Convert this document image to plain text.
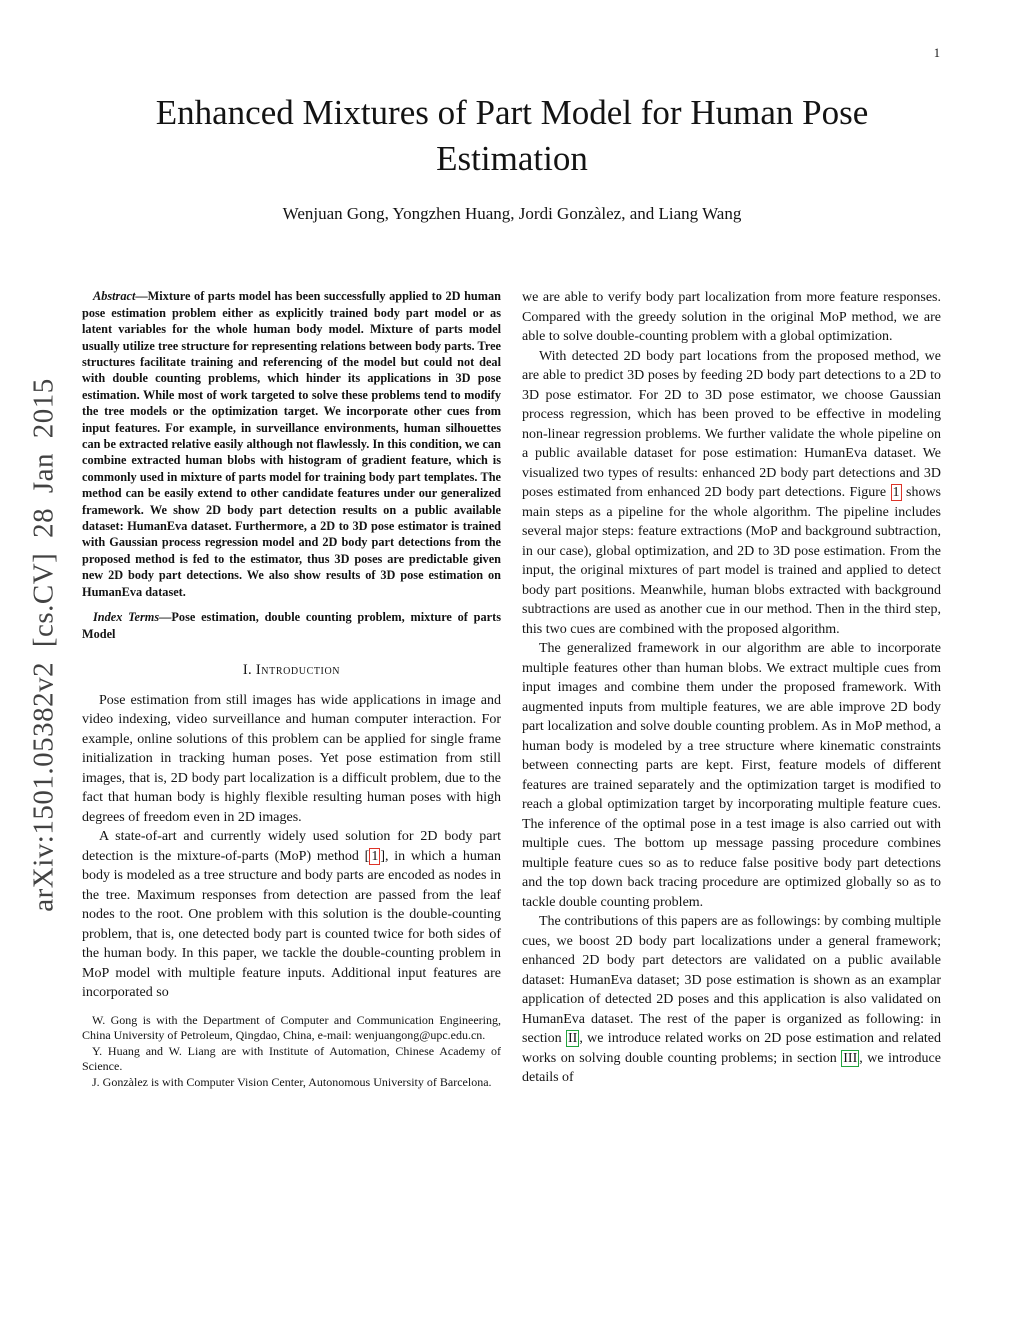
1
arXiv:1501.05382v2 [cs.CV] 28 Jan 2015
Enhanced Mixtures of Part Model for Human Pose Estimation
Wenjuan Gong, Yongzhen Huang, Jordi Gonzàlez, and Liang Wang

Abstract—Mixture of parts model has been successfully applied to 2D human pose estimation problem either as explicitly trained body part model or as latent variables for the whole human body model. Mixture of parts model usually utilize tree structure for representing relations between body parts. Tree structures facilitate training and referencing of the model but could not deal with double counting problems, which hinder its applications in 3D pose estimation. While most of work targeted to solve these problems tend to modify the tree models or the optimization target. We incorporate other cues from input features. For example, in surveillance environments, human silhouettes can be extracted relative easily although not flawlessly. In this condition, we can combine extracted human blobs with histogram of gradient feature, which is commonly used in mixture of parts model for training body part templates. The method can be easily extend to other candidate features under our generalized framework. We show 2D body part detection results on a public available dataset: HumanEva dataset. Furthermore, a 2D to 3D pose estimator is trained with Gaussian process regression model and 2D body part detections from the proposed method is fed to the estimator, thus 3D poses are predictable given new 2D body part detections. We also show results of 3D pose estimation on HumanEva dataset.

Index Terms—Pose estimation, double counting problem, mixture of parts Model

I. Introduction

Pose estimation from still images has wide applications in image and video indexing, video surveillance and human computer interaction. For example, online solutions of this problem can be applied for single frame initialization in tracking human poses. Yet pose estimation from still images, that is, 2D body part localization is a difficult problem, due to the fact that human body is highly flexible resulting human poses with high degrees of freedom even in 2D images.

A state-of-art and currently widely used solution for 2D body part detection is the mixture-of-parts (MoP) method [ 1 ], in which a human body is modeled as a tree structure and body parts are encoded as nodes in the tree. Maximum responses from detection are passed from the leaf nodes to the root. One problem with this solution is the double-counting problem, that is, one detected body part is counted twice for both sides of the human body. In this paper, we tackle the double-counting problem in MoP model with multiple feature inputs. Additional input features are incorporated so

W. Gong is with the Department of Computer and Communication Engineering, China University of Petroleum, Qingdao, China, e-mail: wenjuangong@upc.edu.cn.

Y. Huang and W. Liang are with Institute of Automation, Chinese Academy of Science.

J. Gonzàlez is with Computer Vision Center, Autonomous University of Barcelona.

we are able to verify body part localization from more feature responses. Compared with the greedy solution in the original MoP method, we are able to solve double-counting problem with a global optimization.

With detected 2D body part locations from the proposed method, we are able to predict 3D poses by feeding 2D body part detections to a 2D to 3D pose estimator. For 2D to 3D pose estimator, we choose Gaussian process regression, which has been proved to be effective in modeling non-linear regression problems. We further validate the whole pipeline on a public available dataset for pose estimation: HumanEva dataset. We visualized two types of results: enhanced 2D body part detections and 3D poses estimated from enhanced 2D body part detections. Figure 1 shows main steps as a pipeline for the whole algorithm. The pipeline includes several major steps: feature extractions (MoP and background subtraction, in our case), global optimization, and 2D to 3D pose estimation. From the input, the original mixtures of part model is trained and applied to detect body part positions. Meanwhile, human blobs extracted with background subtractions are used as another cue in our method. Then in the third step, this two cues are combined with the proposed algorithm.

The generalized framework in our algorithm are able to incorporate multiple features other than human blobs. We extract multiple cues from input images and combine them under the proposed framework. With augmented inputs from multiple features, we are able improve 2D body part localization and solve double counting problem. As in MoP method, a human body is modeled by a tree structure where kinematic constraints between connecting parts are kept. First, feature models of different features are trained separately and the optimization target is modified to reach a global optimization target by incorporating multiple feature cues. The inference of the optimal pose in a test image is also carried out with multiple cues. The bottom up message passing procedure combines multiple feature cues so as to reduce false positive body part detections and the top down back tracing procedure are optimized globally so as to tackle double counting problem.

The contributions of this papers are as followings: by combing multiple cues, we boost 2D body part localizations under a general framework; enhanced 2D body part detectors are validated on a public available dataset: HumanEva dataset; 3D pose estimation is shown as an examplar application of detected 2D poses and this application is also validated on HumanEva dataset. The rest of the paper is organized as following: in section II , we introduce related works on 2D pose estimation and related works on solving double counting problems; in section III , we introduce details of
